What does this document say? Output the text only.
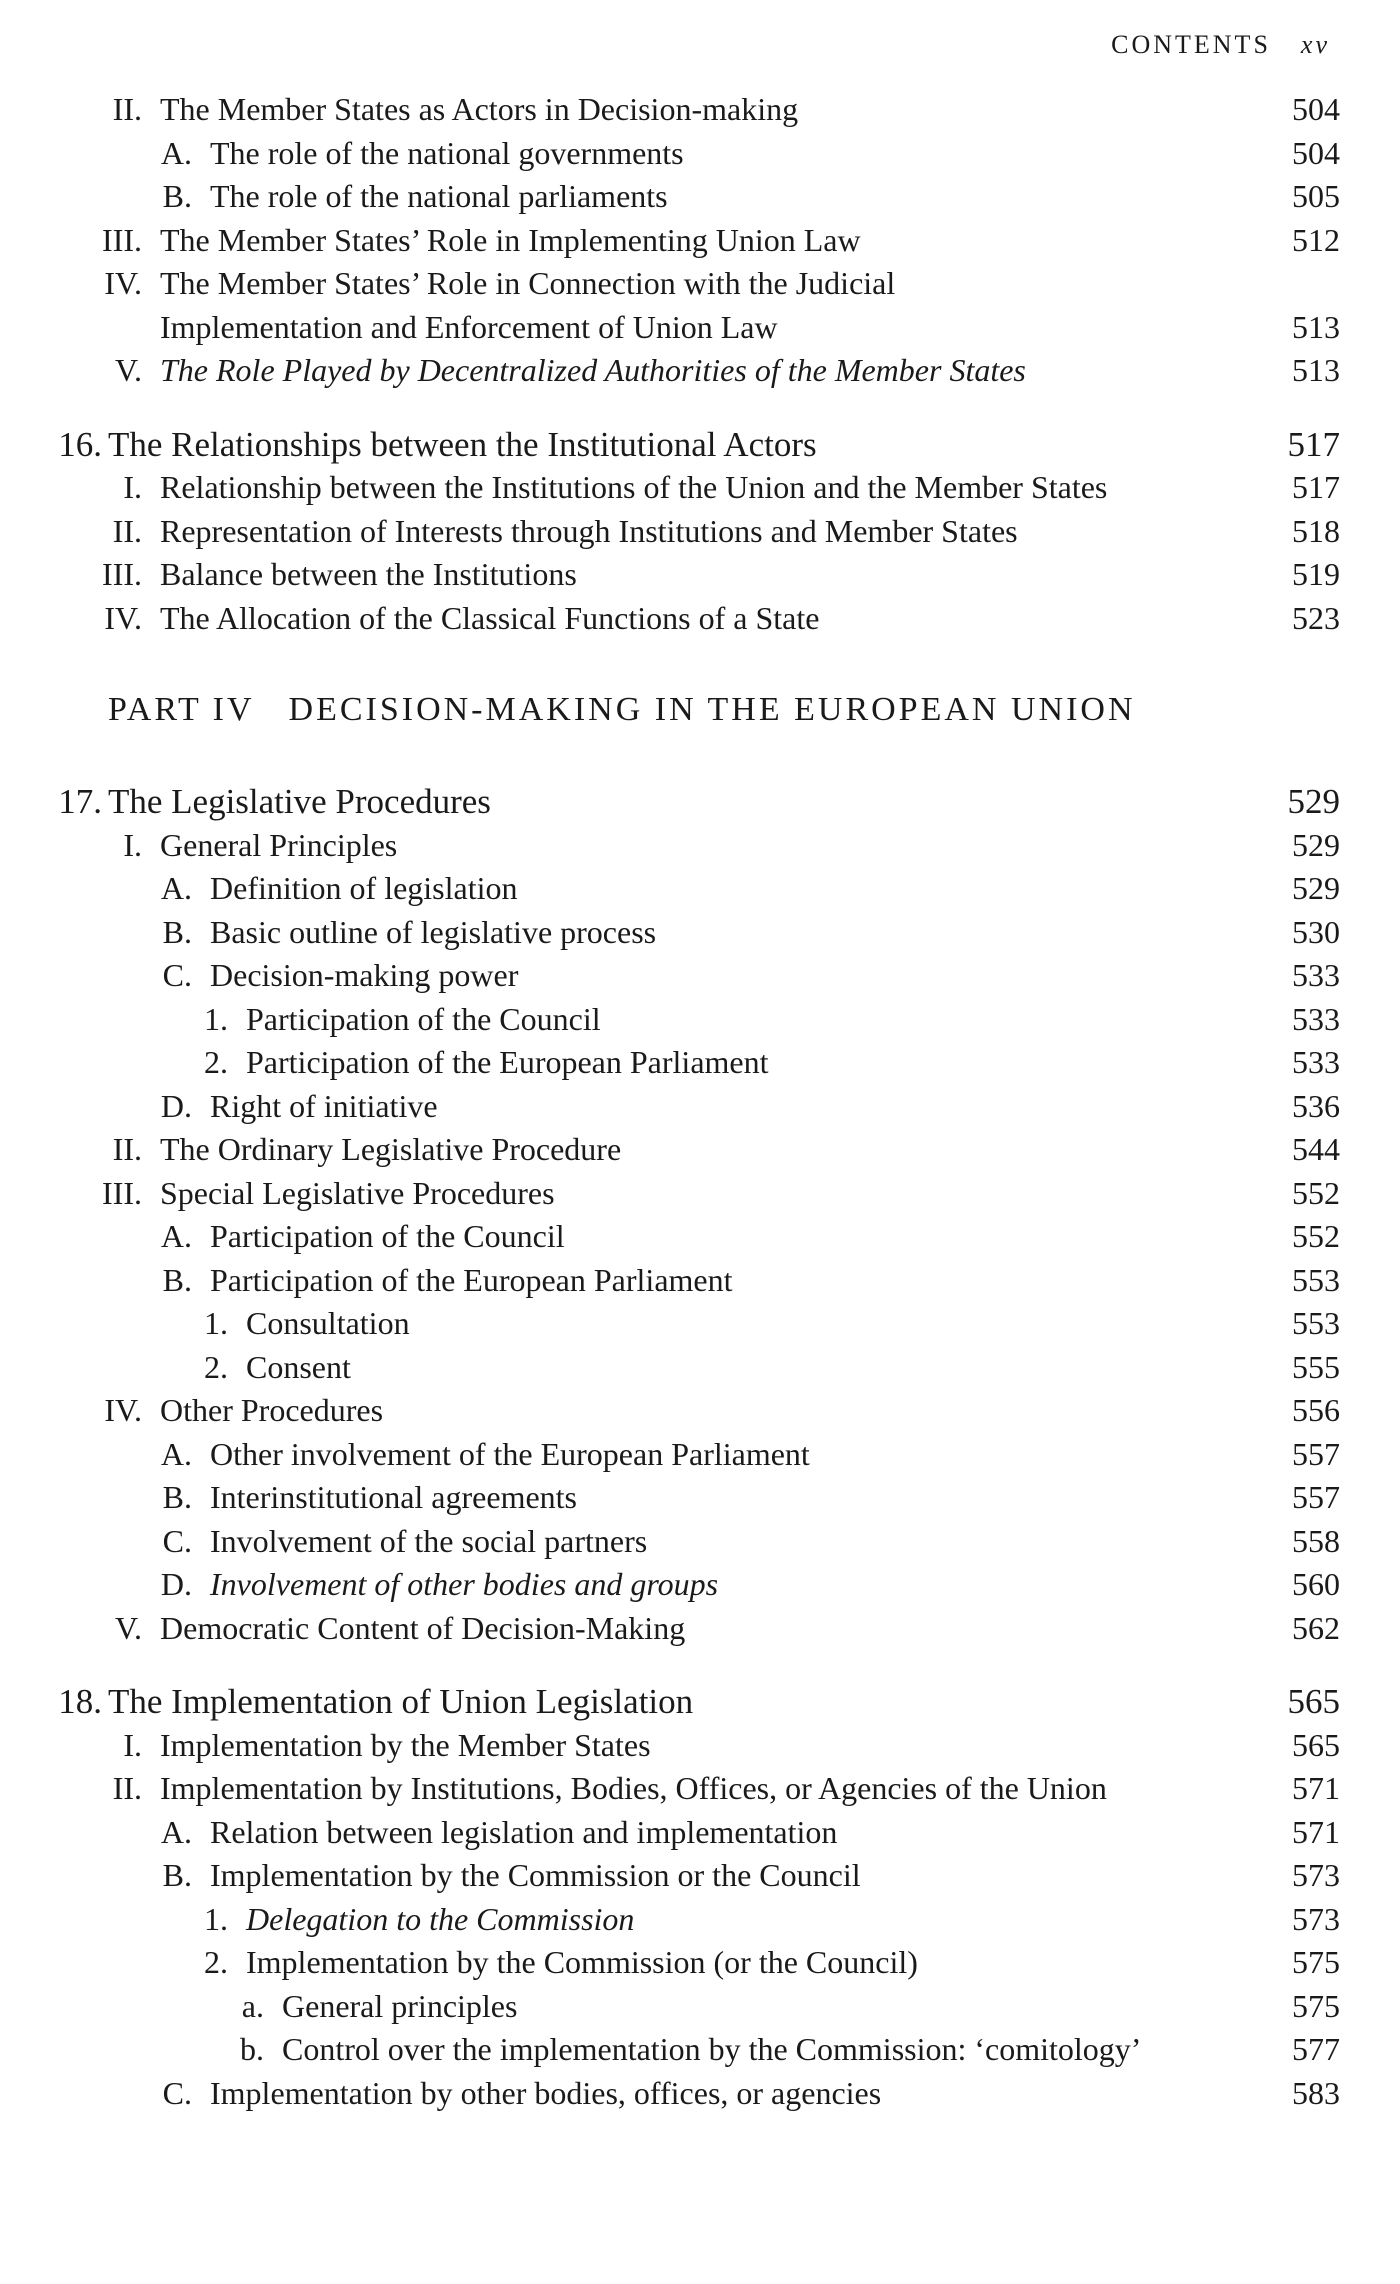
CONTENTS xv
II. The Member States as Actors in Decision-making	504
A. The role of the national governments	504
B. The role of the national parliaments	505
III. The Member States’ Role in Implementing Union Law	512
IV. The Member States’ Role in Connection with the Judicial
Implementation and Enforcement of Union Law	513
V. The Role Played by Decentralized Authorities of the Member States	513
16. The Relationships between the Institutional Actors	517
I. Relationship between the Institutions of the Union and the Member States	517
II. Representation of Interests through Institutions and Member States	518
III. Balance between the Institutions	519
IV. The Allocation of the Classical Functions of a State	523
PART IV DECISION-MAKING IN THE EUROPEAN UNION
17. The Legislative Procedures	529
I. General Principles	529
A. Definition of legislation	529
B. Basic outline of legislative process	530
C. Decision-making power	533
1. Participation of the Council	533
2. Participation of the European Parliament	533
D. Right of initiative	536
II. The Ordinary Legislative Procedure	544
III. Special Legislative Procedures	552
A. Participation of the Council	552
B. Participation of the European Parliament	553
1. Consultation	553
2. Consent	555
IV. Other Procedures	556
A. Other involvement of the European Parliament	557
B. Interinstitutional agreements	557
C. Involvement of the social partners	558
D. Involvement of other bodies and groups	560
V. Democratic Content of Decision-Making	562
18. The Implementation of Union Legislation	565
I. Implementation by the Member States	565
II. Implementation by Institutions, Bodies, Offices, or Agencies of the Union	571
A. Relation between legislation and implementation	571
B. Implementation by the Commission or the Council	573
1. Delegation to the Commission	573
2. Implementation by the Commission (or the Council)	575
a. General principles	575
b. Control over the implementation by the Commission: ‘comitology’	577
C. Implementation by other bodies, offices, or agencies	583
